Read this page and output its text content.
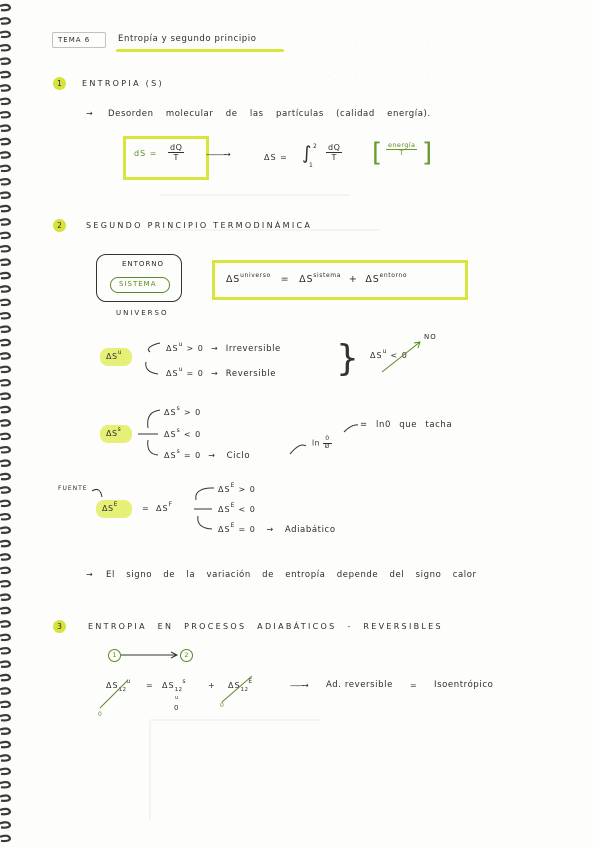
· · · · · · · · · · · · · · ·
· · · · · · · · · · · · · · ·
· · · · · · · · · · · · · · ·
TEMA 6	Entropía y segundo principio
1	ENTROPIA (S)
→ Desorden molecular de las partículas (calidad energía).
dS = $\frac{dQ}{T}$	———→	ΔS = ∫ 2
1
$\frac{dQ}{T}$ [ $\frac{\text{energía}}{T}$ ]
2	SEGUNDO PRINCIPIO TERMODINÁMICA
ENTORNO
SISTEMA
UNIVERSO
$\Delta S^{universo} = \Delta S^{sistema} + \Delta S^{entorno}$
$\Delta S^u$	$\Delta S^u > 0$  →  Irreversible
$\Delta S^u = 0$  →  Reversible }
NO
$\Delta S^u < 0$
$\Delta S^s$
$\Delta S^s > 0$
$\Delta S^s < 0$
$\Delta S^s = 0$  →   Ciclo
$\ln \frac{0}{Ø}$
= ln0 que tacha
FUENTE
$\Delta S^E$	= $\Delta S^F$
$\Delta S^E > 0$
$\Delta S^E < 0$
$\Delta S^E = 0$   →   Adiabático
→ El signo de la variación de entropía depende del signo calor
3	ENTROPIA EN PROCESOS ADIABÁTICOS - REVERSIBLES
1	2
$\Delta S_{12}^u = \Delta S_{12}^s$	+ $\Delta S_{12}^E$	——→ Ad. reversible = Isoentrópico
0
u
0	0
